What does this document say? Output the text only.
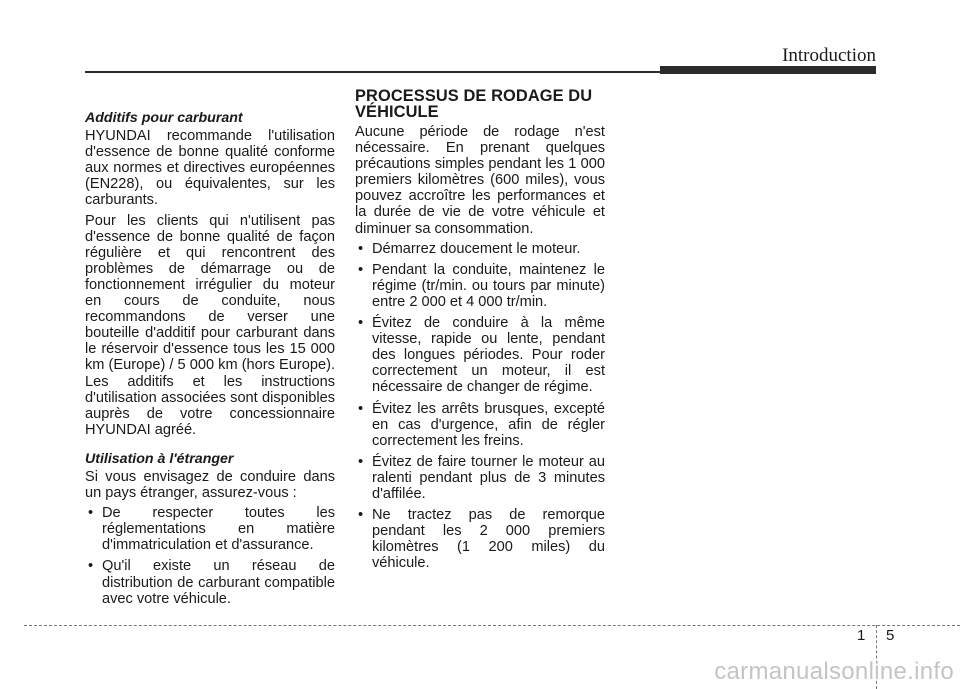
Introduction
Additifs pour carburant

HYUNDAI recommande l'utilisation d'essence de bonne qualité conforme aux normes et directives européennes (EN228), ou équivalentes, sur les carburants.

Pour les clients qui n'utilisent pas d'essence de bonne qualité de façon régulière et qui rencontrent des problèmes de démarrage ou de fonctionnement irrégulier du moteur en cours de conduite, nous recommandons de verser une bouteille d'additif pour carburant dans le réservoir d'essence tous les 15 000 km (Europe) / 5 000 km (hors Europe). Les additifs et les instructions d'utilisation associées sont disponibles auprès de votre concessionnaire HYUNDAI agréé.

Utilisation à l'étranger

Si vous envisagez de conduire dans un pays étranger, assurez-vous :

• De respecter toutes les réglementations en matière d'immatriculation et d'assurance.
• Qu'il existe un réseau de distribution de carburant compatible avec votre véhicule.
PROCESSUS DE RODAGE DU VÉHICULE

Aucune période de rodage n'est nécessaire. En prenant quelques précautions simples pendant les 1 000 premiers kilomètres (600 miles), vous pouvez accroître les performances et la durée de vie de votre véhicule et diminuer sa consommation.

• Démarrez doucement le moteur.
• Pendant la conduite, maintenez le régime (tr/min. ou tours par minute) entre 2 000 et 4 000 tr/min.
• Évitez de conduire à la même vitesse, rapide ou lente, pendant des longues périodes. Pour roder correctement un moteur, il est nécessaire de changer de régime.
• Évitez les arrêts brusques, excepté en cas d'urgence, afin de régler correctement les freins.
• Évitez de faire tourner le moteur au ralenti pendant plus de 3 minutes d'affilée.
• Ne tractez pas de remorque pendant les 2 000 premiers kilomètres (1 200 miles) du véhicule.
1 5
carmanualsonline.info
